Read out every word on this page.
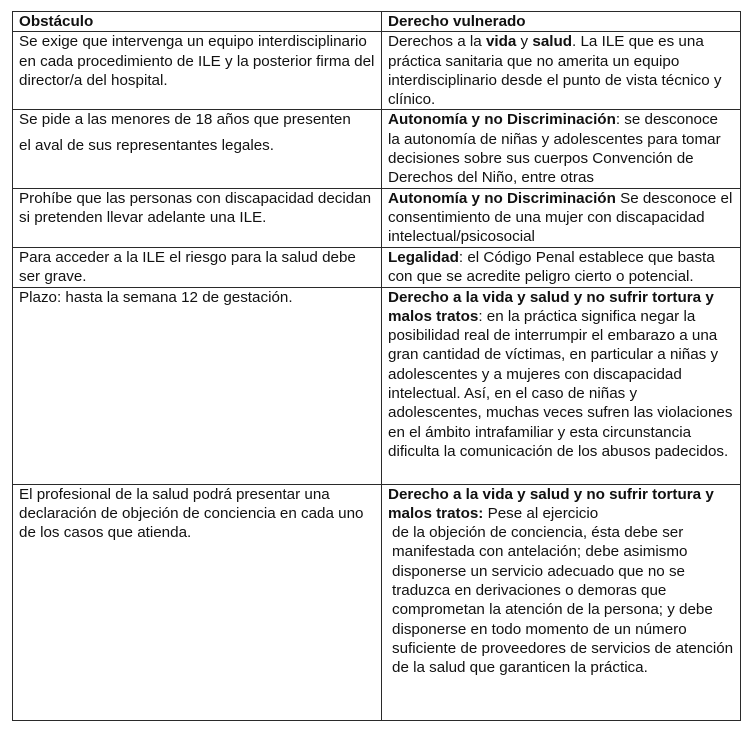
Obstáculo	Derecho vulnerado
Se exige que intervenga un equipo interdisciplinario en cada procedimiento de ILE y la posterior firma del director/a del hospital.	Derechos a la vida y salud. La ILE que es una práctica sanitaria que no amerita un equipo interdisciplinario desde el punto de vista técnico y clínico.
Se pide a las menores de 18 años que presenten
el aval de sus representantes legales.	Autonomía y no Discriminación: se desconoce la autonomía de niñas y adolescentes para tomar decisiones sobre sus cuerpos Convención de Derechos del Niño, entre otras
Prohíbe que las personas con discapacidad decidan si pretenden llevar adelante una ILE.	Autonomía y no Discriminación Se desconoce el consentimiento de una mujer con discapacidad intelectual/psicosocial
Para acceder a la ILE el riesgo para la salud debe ser grave.	Legalidad: el Código Penal establece que basta con que se acredite peligro cierto o potencial.
Plazo: hasta la semana 12 de gestación.	Derecho a la vida y salud y no sufrir tortura y malos tratos: en la práctica significa negar la posibilidad real de interrumpir el embarazo a una gran cantidad de víctimas, en particular a niñas y adolescentes y a mujeres con discapacidad intelectual. Así, en el caso de niñas y adolescentes, muchas veces sufren las violaciones en el ámbito intrafamiliar y esta circunstancia dificulta la comunicación de los abusos padecidos.
El profesional de la salud podrá presentar una declaración de objeción de conciencia en cada uno de los casos que atienda.	Derecho a la vida y salud y no sufrir tortura y malos tratos: Pese al ejercicio
de la objeción de conciencia, ésta debe ser manifestada con antelación; debe asimismo disponerse un servicio adecuado que no se traduzca en derivaciones o demoras que comprometan la atención de la persona; y debe disponerse en todo momento de un número suficiente de proveedores de servicios de atención de la salud que garanticen la práctica.
